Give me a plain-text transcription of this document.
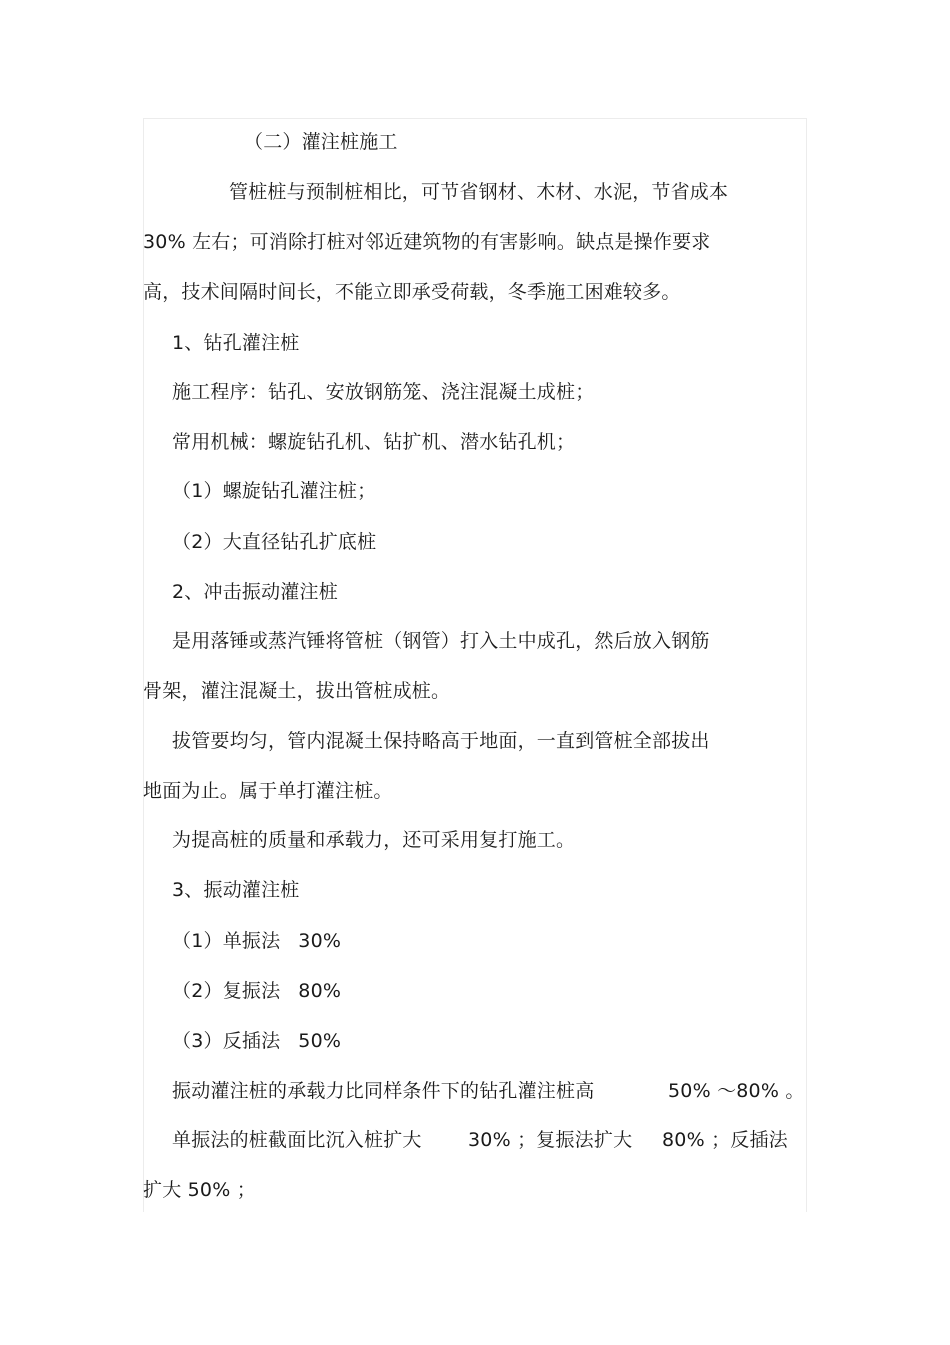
（二）灌注桩施工
管桩桩与预制桩相比，可节省钢材、木材、水泥，节省成本
30% 左右；可消除打桩对邻近建筑物的有害影响。缺点是操作要求
高，技术间隔时间长，不能立即承受荷载，冬季施工困难较多。
1、钻孔灌注桩
施工程序：钻孔、安放钢筋笼、浇注混凝土成桩；
常用机械：螺旋钻孔机、钻扩机、潜水钻孔机；
（1）螺旋钻孔灌注桩；
（2）大直径钻孔扩底桩
2、冲击振动灌注桩
是用落锤或蒸汽锤将管桩（钢管）打入土中成孔，然后放入钢筋
骨架，灌注混凝土，拔出管桩成桩。
拔管要均匀，管内混凝土保持略高于地面，一直到管桩全部拔出
地面为止。属于单打灌注桩。
为提高桩的质量和承载力，还可采用复打施工。
3、振动灌注桩
（1）单振法 30%
（2）复振法 80%
（3）反插法 50%
振动灌注桩的承载力比同样条件下的钻孔灌注桩高	50% ～80% 。
单振法的桩截面比沉入桩扩大 30% ；复振法扩大 80% ；反插法
扩大 50% ；
